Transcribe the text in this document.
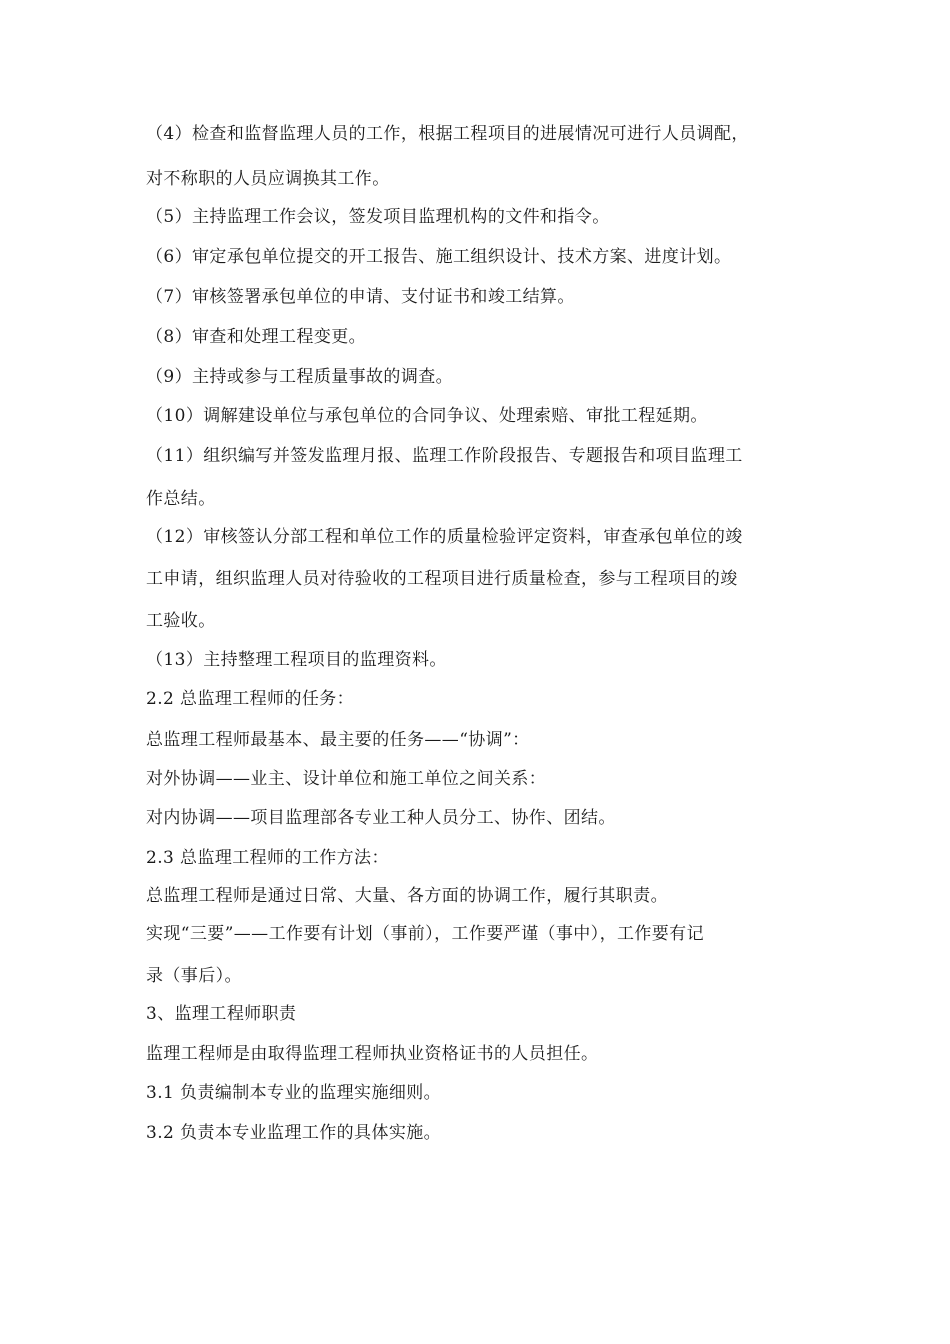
（4）检查和监督监理人员的工作，根据工程项目的进展情况可进行人员调配，
对不称职的人员应调换其工作。
（5）主持监理工作会议，签发项目监理机构的文件和指令。
（6）审定承包单位提交的开工报告、施工组织设计、技术方案、进度计划。
（7）审核签署承包单位的申请、支付证书和竣工结算。
（8）审查和处理工程变更。
（9）主持或参与工程质量事故的调查。
（10）调解建设单位与承包单位的合同争议、处理索赔、审批工程延期。
（11）组织编写并签发监理月报、监理工作阶段报告、专题报告和项目监理工
作总结。
（12）审核签认分部工程和单位工作的质量检验评定资料，审查承包单位的竣
工申请，组织监理人员对待验收的工程项目进行质量检查，参与工程项目的竣
工验收。
（13）主持整理工程项目的监理资料。
2.2 总监理工程师的任务：
总监理工程师最基本、最主要的任务——“协调”：
对外协调——业主、设计单位和施工单位之间关系：
对内协调——项目监理部各专业工种人员分工、协作、团结。
2.3 总监理工程师的工作方法：
总监理工程师是通过日常、大量、各方面的协调工作，履行其职责。
实现“三要”——工作要有计划（事前），工作要严谨（事中），工作要有记
录（事后）。
3、监理工程师职责
监理工程师是由取得监理工程师执业资格证书的人员担任。
3.1 负责编制本专业的监理实施细则。
3.2 负责本专业监理工作的具体实施。
